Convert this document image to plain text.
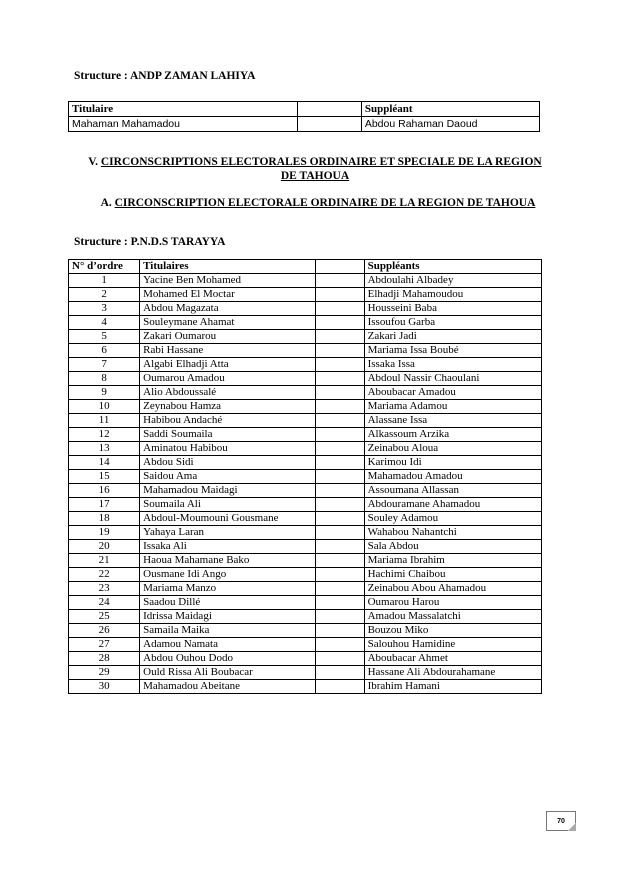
Structure : ANDP ZAMAN LAHIYA
Titulaire		Suppléant
Mahaman Mahamadou		Abdou Rahaman Daoud
V. CIRCONSCRIPTIONS ELECTORALES ORDINAIRE ET SPECIALE DE LA REGION DE TAHOUA
A. CIRCONSCRIPTION ELECTORALE ORDINAIRE DE LA REGION DE TAHOUA
Structure : P.N.D.S TARAYYA
N° d’ordre	Titulaires		Suppléants
1	Yacine Ben Mohamed		Abdoulahi Albadey
2	Mohamed El Moctar		Elhadji Mahamoudou
3	Abdou Magazata		Housseini Baba
4	Souleymane Ahamat		Issoufou Garba
5	Zakari Oumarou		Zakari Jadi
6	Rabi Hassane		Mariama Issa Boubé
7	Algabi Elhadji Atta		Issaka Issa
8	Oumarou Amadou		Abdoul Nassir Chaoulani
9	Alio Abdoussalé		Aboubacar Amadou
10	Zeynabou Hamza		Mariama Adamou
11	Habibou Andaché		Alassane Issa
12	Saddi Soumaila		Alkassoum Arzika
13	Aminatou Habibou		Zeinabou Aloua
14	Abdou Sidi		Karimou Idi
15	Saidou Ama		Mahamadou Amadou
16	Mahamadou Maidagi		Assoumana Allassan
17	Soumaila Ali		Abdouramane Ahamadou
18	Abdoul-Moumouni Gousmane		Souley Adamou
19	Yahaya Laran		Wahabou Nahantchi
20	Issaka Ali		Sala Abdou
21	Haoua Mahamane Bako		Mariama Ibrahim
22	Ousmane Idi Ango		Hachimi Chaibou
23	Mariama Manzo		Zeinabou Abou Ahamadou
24	Saadou Dillé		Oumarou Harou
25	Idrissa Maidagi		Amadou Massalatchi
26	Samaila Maika		Bouzou Miko
27	Adamou Namata		Salouhou Hamidine
28	Abdou Ouhou Dodo		Aboubacar Ahmet
29	Ould Rissa Ali Boubacar		Hassane Ali Abdourahamane
30	Mahamadou Abeitane		Ibrahim Hamani
70
